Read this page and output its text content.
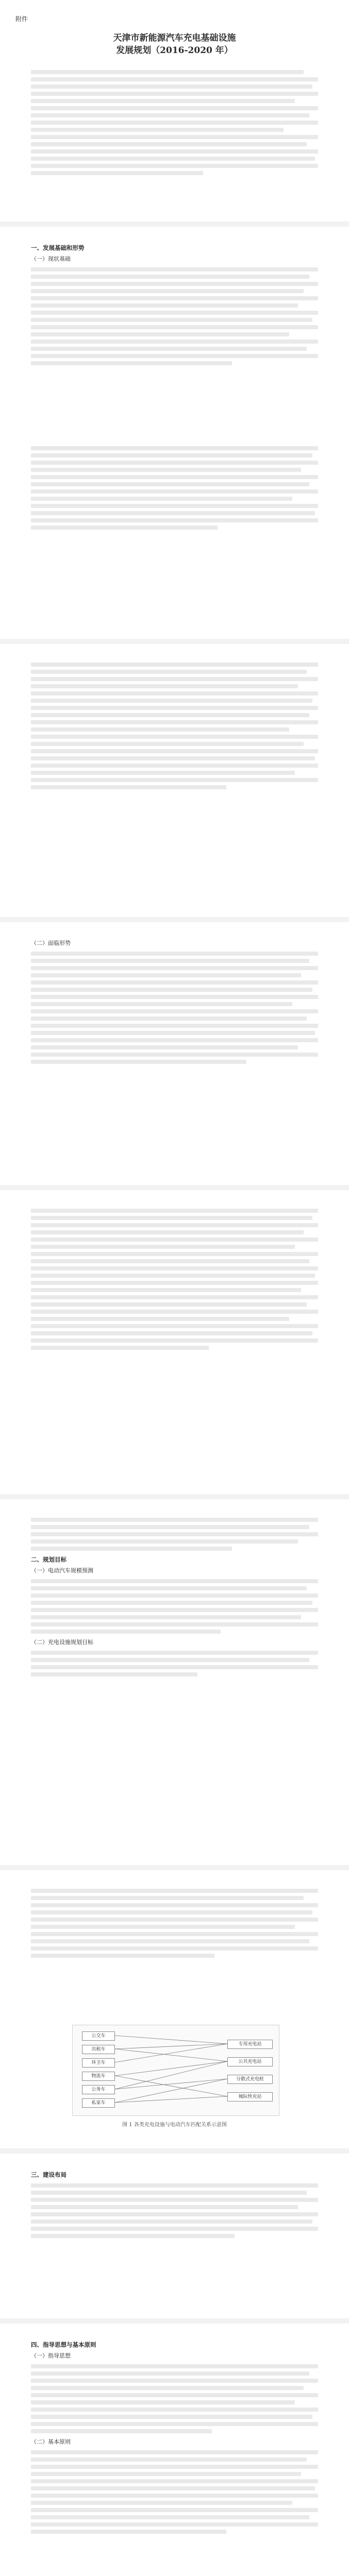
附件
天津市新能源汽车充电基础设施
发展规划（2016-2020 年）

一、发展基础和形势

（一）现状基础

（二）面临形势

二、规划目标

（一）电动汽车规模预测

（二）充电设施规划目标

公交车
出租车
环卫车
物流车
公务车
私家车
专用充电站
公共充电站
分散式充电桩
城际快充站
图 1 各类充电设施与电动汽车匹配关系示意图

三、建设布局

四、指导思想与基本原则

（一）指导思想

（二）基本原则
